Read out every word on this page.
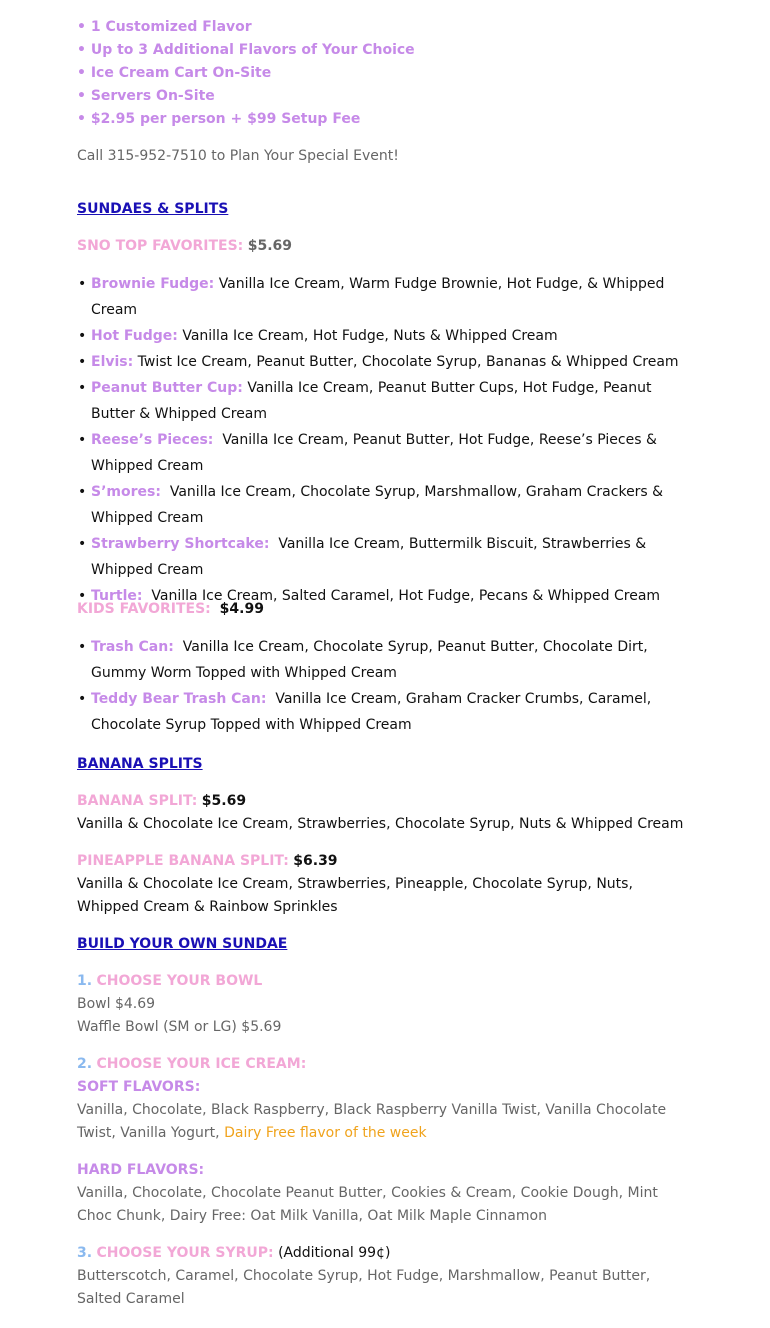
• 1 Customized Flavor
• Up to 3 Additional Flavors of Your Choice
• Ice Cream Cart On-Site
• Servers On-Site
• $2.95 per person + $99 Setup Fee
Call 315-952-7510 to Plan Your Special Event!
SUNDAES & SPLITS
SNO TOP FAVORITES: $5.69
• Brownie Fudge: Vanilla Ice Cream, Warm Fudge Brownie, Hot Fudge, & Whipped Cream
• Hot Fudge: Vanilla Ice Cream, Hot Fudge, Nuts & Whipped Cream
• Elvis: Twist Ice Cream, Peanut Butter, Chocolate Syrup, Bananas & Whipped Cream
• Peanut Butter Cup: Vanilla Ice Cream, Peanut Butter Cups, Hot Fudge, Peanut Butter & Whipped Cream
• Reese’s Pieces: Vanilla Ice Cream, Peanut Butter, Hot Fudge, Reese’s Pieces & Whipped Cream
• S’mores: Vanilla Ice Cream, Chocolate Syrup, Marshmallow, Graham Crackers & Whipped Cream
• Strawberry Shortcake: Vanilla Ice Cream, Buttermilk Biscuit, Strawberries & Whipped Cream
• Turtle: Vanilla Ice Cream, Salted Caramel, Hot Fudge, Pecans & Whipped Cream
KIDS FAVORITES: $4.99
• Trash Can: Vanilla Ice Cream, Chocolate Syrup, Peanut Butter, Chocolate Dirt, Gummy Worm Topped with Whipped Cream
• Teddy Bear Trash Can: Vanilla Ice Cream, Graham Cracker Crumbs, Caramel, Chocolate Syrup Topped with Whipped Cream
BANANA SPLITS
BANANA SPLIT: $5.69
Vanilla & Chocolate Ice Cream, Strawberries, Chocolate Syrup, Nuts & Whipped Cream
PINEAPPLE BANANA SPLIT: $6.39
Vanilla & Chocolate Ice Cream, Strawberries, Pineapple, Chocolate Syrup, Nuts, Whipped Cream & Rainbow Sprinkles
BUILD YOUR OWN SUNDAE
1. CHOOSE YOUR BOWL
Bowl $4.69
Waffle Bowl (SM or LG) $5.69
2. CHOOSE YOUR ICE CREAM:
SOFT FLAVORS:
Vanilla, Chocolate, Black Raspberry, Black Raspberry Vanilla Twist, Vanilla Chocolate Twist, Vanilla Yogurt, Dairy Free flavor of the week
HARD FLAVORS:
Vanilla, Chocolate, Chocolate Peanut Butter, Cookies & Cream, Cookie Dough, Mint Choc Chunk, Dairy Free: Oat Milk Vanilla, Oat Milk Maple Cinnamon
3. CHOOSE YOUR SYRUP: (Additional 99¢)
Butterscotch, Caramel, Chocolate Syrup, Hot Fudge, Marshmallow, Peanut Butter, Salted Caramel
